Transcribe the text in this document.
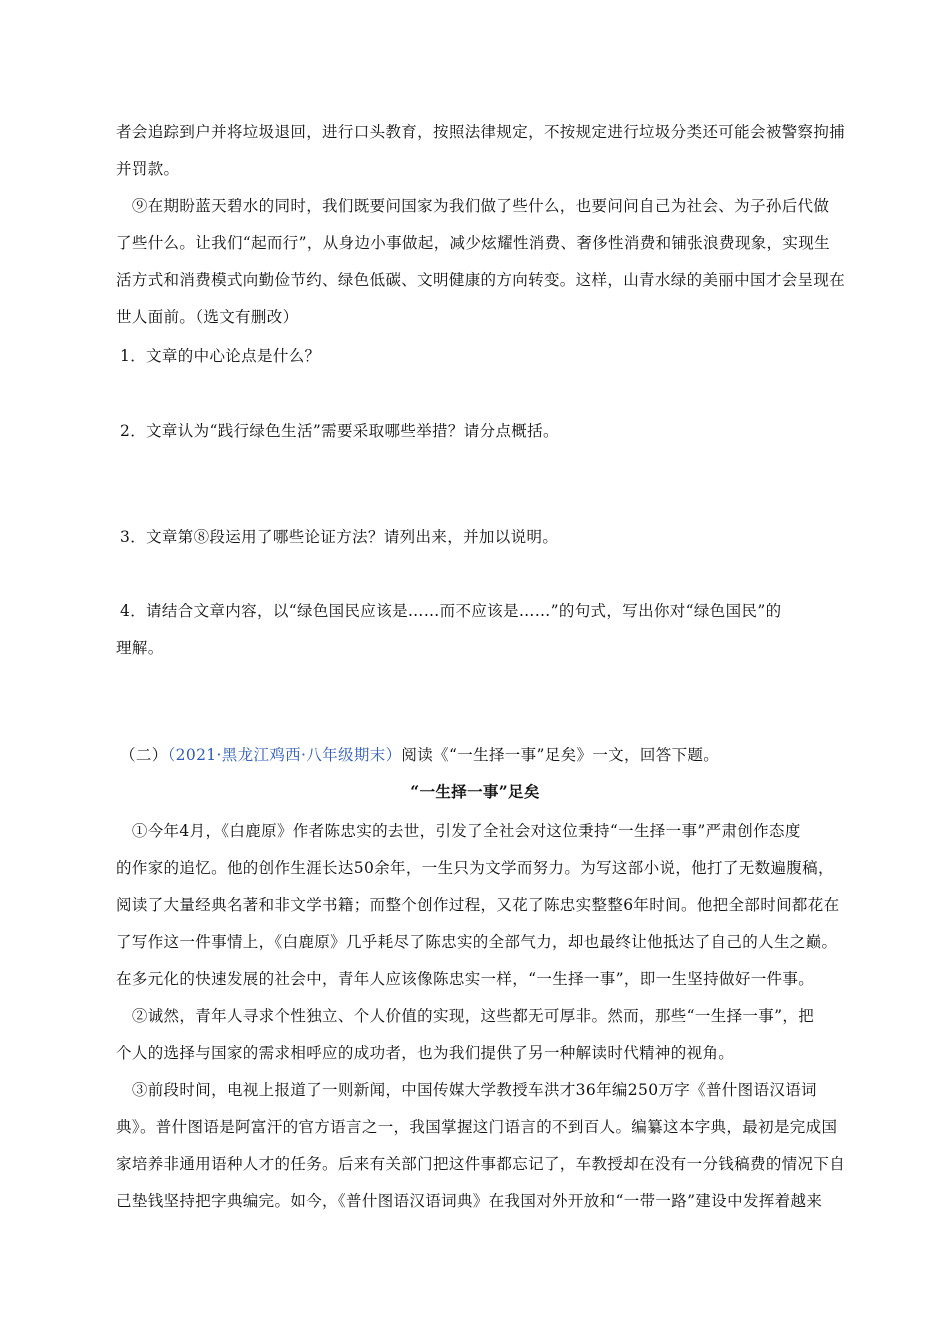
者会追踪到户并将垃圾退回，进行口头教育，按照法律规定，不按规定进行垃圾分类还可能会被警察拘捕
并罚款。
　⑨在期盼蓝天碧水的同时，我们既要问国家为我们做了些什么，也要问问自己为社会、为子孙后代做
了些什么。让我们“起而行”，从身边小事做起，减少炫耀性消费、奢侈性消费和铺张浪费现象，实现生
活方式和消费模式向勤俭节约、绿色低碳、文明健康的方向转变。这样，山青水绿的美丽中国才会呈现在
世人面前。（选文有删改）
1．文章的中心论点是什么？
2．文章认为“践行绿色生活”需要采取哪些举措？请分点概括。
3．文章第⑧段运用了哪些论证方法？请列出来，并加以说明。
4．请结合文章内容，以“绿色国民应该是……而不应该是……”的句式，写出你对“绿色国民”的
理解。
（二）（2021·黑龙江鸡西·八年级期末）阅读《“一生择一事”足矣》一文，回答下题。
“一生择一事”足矣
　①今年4月，《白鹿原》作者陈忠实的去世，引发了全社会对这位秉持“一生择一事”严肃创作态度
的作家的追忆。他的创作生涯长达50余年，一生只为文学而努力。为写这部小说，他打了无数遍腹稿，
阅读了大量经典名著和非文学书籍；而整个创作过程，又花了陈忠实整整6年时间。他把全部时间都花在
了写作这一件事情上，《白鹿原》几乎耗尽了陈忠实的全部气力，却也最终让他抵达了自己的人生之巅。
在多元化的快速发展的社会中，青年人应该像陈忠实一样，“一生择一事”，即一生坚持做好一件事。
　②诚然，青年人寻求个性独立、个人价值的实现，这些都无可厚非。然而，那些“一生择一事”，把
个人的选择与国家的需求相呼应的成功者，也为我们提供了另一种解读时代精神的视角。
　③前段时间，电视上报道了一则新闻，中国传媒大学教授车洪才36年编250万字《普什图语汉语词
典》。普什图语是阿富汗的官方语言之一，我国掌握这门语言的不到百人。编纂这本字典，最初是完成国
家培养非通用语种人才的任务。后来有关部门把这件事都忘记了，车教授却在没有一分钱稿费的情况下自
己垫钱坚持把字典编完。如今，《普什图语汉语词典》在我国对外开放和“一带一路”建设中发挥着越来
